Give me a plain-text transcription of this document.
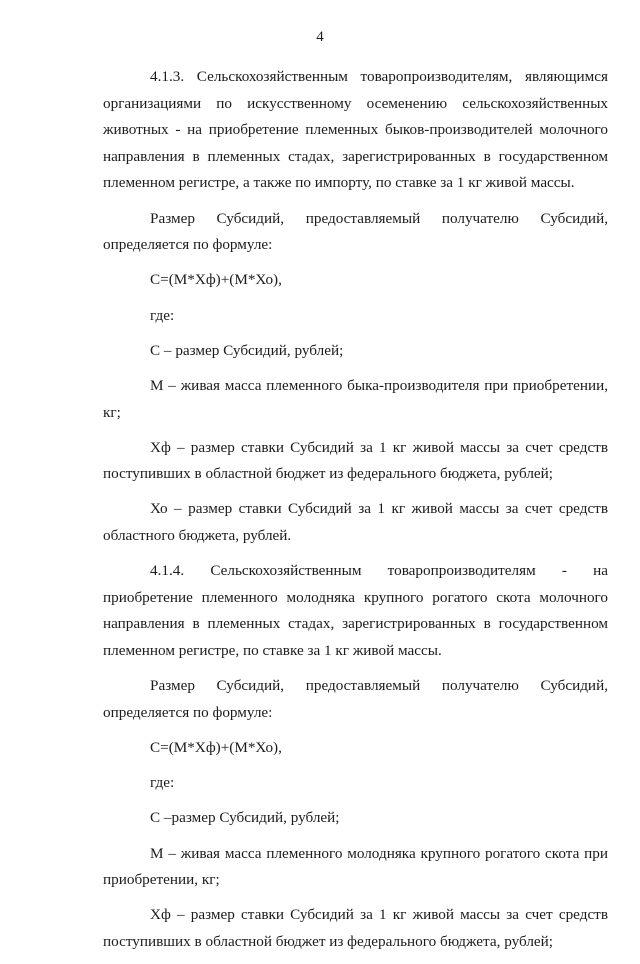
4
4.1.3. Сельскохозяйственным товаропроизводителям, являющимся
организациями по искусственному осеменению сельскохозяйственных животных - на приобретение племенных быков-производителей молочного направления в племенных стадах, зарегистрированных в государственном племенном регистре, а также по импорту, по ставке за 1 кг живой массы.
Размер Субсидий, предоставляемый получателю Субсидий,
определяется по формуле:
С=(М*Хф)+(М*Хо),
где:
С – размер Субсидий, рублей;
М – живая масса племенного быка-производителя при приобретении,
кг;
Хф – размер ставки Субсидий за 1 кг живой массы за счет средств
поступивших в областной бюджет из федерального бюджета, рублей;
Хо – размер ставки Субсидий за 1 кг живой массы за счет средств
областного бюджета, рублей.
4.1.4. Сельскохозяйственным товаропроизводителям - на
приобретение племенного молодняка крупного рогатого скота молочного направления в племенных стадах, зарегистрированных в государственном племенном регистре, по ставке за 1 кг живой массы.
Размер Субсидий, предоставляемый получателю Субсидий,
определяется по формуле:
С=(М*Хф)+(М*Хо),
где:
С –размер Субсидий, рублей;
М – живая масса племенного молодняка крупного рогатого скота при
приобретении, кг;
Хф – размер ставки Субсидий за 1 кг живой массы за счет средств
поступивших в областной бюджет из федерального бюджета, рублей;
